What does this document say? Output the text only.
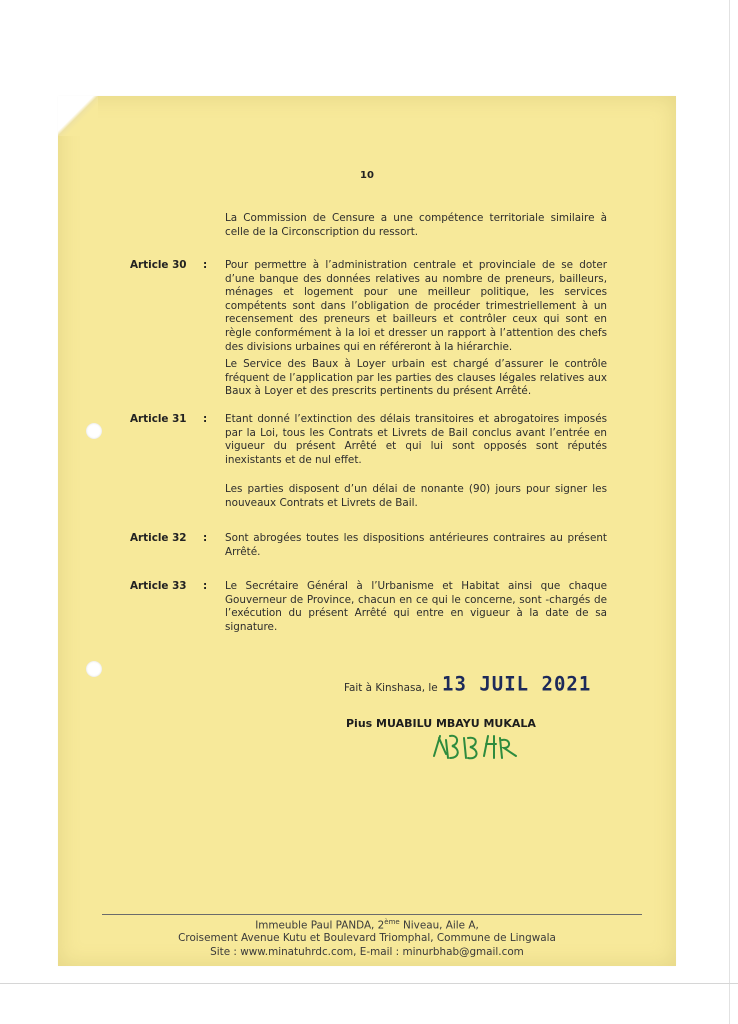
10
La Commission de Censure a une compétence territoriale similaire à celle de la Circonscription du ressort.
Article 30 : Pour permettre à l’administration centrale et provinciale de se doter d’une banque des données relatives au nombre de preneurs, bailleurs, ménages et logement pour une meilleur politique, les services compétents sont dans l’obligation de procéder trimestriellement à un recensement des preneurs et bailleurs et contrôler ceux qui sont en règle conformément à la loi et dresser un rapport à l’attention des chefs des divisions urbaines qui en référeront à la hiérarchie.
Le Service des Baux à Loyer urbain est chargé d’assurer le contrôle fréquent de l’application par les parties des clauses légales relatives aux Baux à Loyer et des prescrits pertinents du présent Arrêté.
Article 31 : Etant donné l’extinction des délais transitoires et abrogatoires imposés par la Loi, tous les Contrats et Livrets de Bail conclus avant l’entrée en vigueur du présent Arrêté et qui lui sont opposés sont réputés inexistants et de nul effet.
Les parties disposent d’un délai de nonante (90) jours pour signer les nouveaux Contrats et Livrets de Bail.
Article 32 : Sont abrogées toutes les dispositions antérieures contraires au présent Arrêté.
Article 33 : Le Secrétaire Général à l’Urbanisme et Habitat ainsi que chaque Gouverneur de Province, chacun en ce qui le concerne, sont -chargés de l’exécution du présent Arrêté qui entre en vigueur à la date de sa signature.
Fait à Kinshasa, le 13 JUIL 2021
Pius MUABILU MBAYU MUKALA
Immeuble Paul PANDA, 2ème Niveau, Aile A,
Croisement Avenue Kutu et Boulevard Triomphal, Commune de Lingwala
Site : www.minatuhrdc.com, E-mail : minurbhab@gmail.com
